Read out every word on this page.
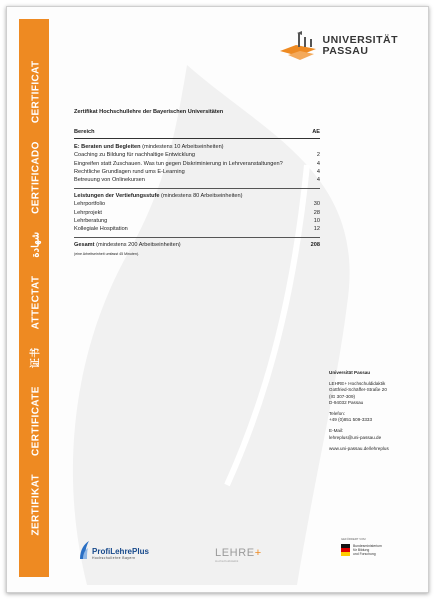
ZERTIFIKATCERTIFICATE证书ATTECTATشهادةCERTIFICADOCERTIFICAT
UNIVERSITÄT
PASSAU
Zertifikat Hochschullehre der Bayerischen Universitäten
Bereich	AE
E: Beraten und Begleiten (mindestens 10 Arbeitseinheiten)
Coaching zu Bildung für nachhaltige Entwicklung	2
Eingreifen statt Zuschauen. Was tun gegen Diskriminierung in Lehrveranstaltungen?	4
Rechtliche Grundlagen rund ums E-Learning	4
Betreuung von Onlinekursen	4
Leistungen der Vertiefungsstufe (mindestens 80 Arbeitseinheiten)
Lehrportfolio	30
Lehrprojekt	28
Lehrberatung	10
Kollegiale Hospitation	12
Gesamt (mindestens 200 Arbeitseinheiten)	208
(eine Arbeitseinheit umfasst 45 Minuten).
Universität Passau
LEHRE+ Hochschuldidaktik
Gottfried-Schäffer-Straße 20
(IG 307-309)
D-94032 Passau
Telefon:
+49 (0)851 509-3333
E-Mail:
lehreplus@uni-passau.de
www.uni-passau.de/lehreplus
ProfiLehrePlus
Hochschullehre Bayern	LEHRE+
Hochschuldidaktik
GEFÖRDERT VOM
Bundesministerium
für Bildung
und Forschung
